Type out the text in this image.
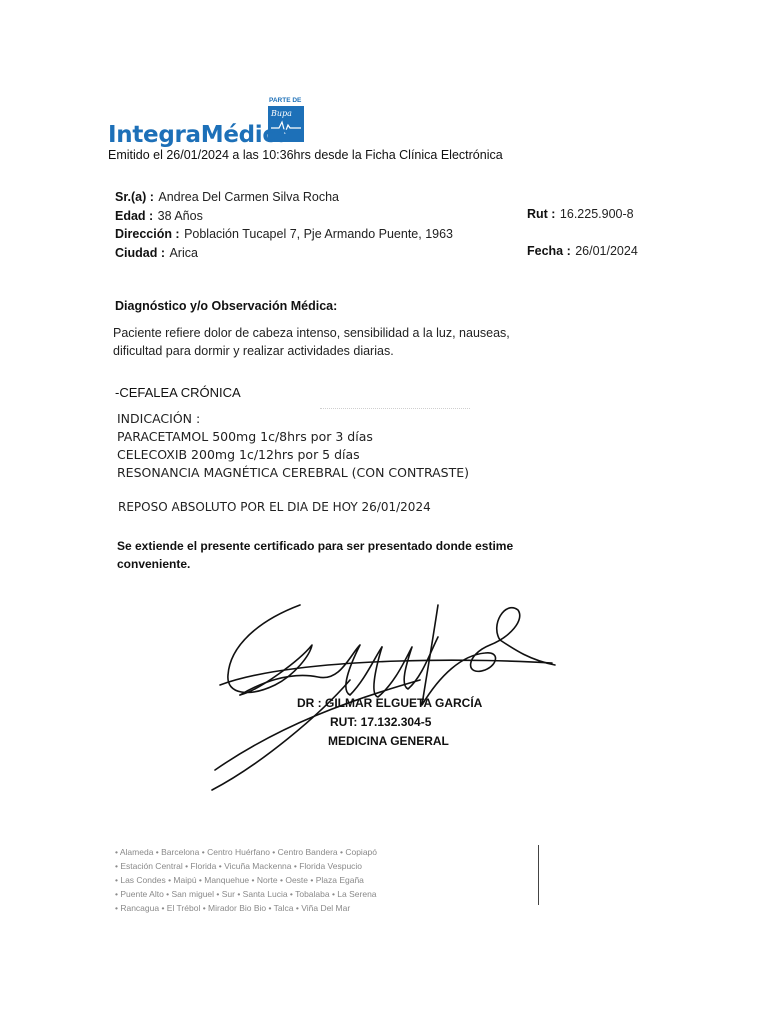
PARTE DE
Bupa
IntegraMédica
Emitido el 26/01/2024 a las 10:36hrs desde la Ficha Clínica Electrónica
Sr.(a) : Andrea Del Carmen Silva Rocha
Edad : 38 Años
Dirección : Población Tucapel 7, Pje Armando Puente, 1963
Ciudad : Arica
Rut : 16.225.900-8
Fecha : 26/01/2024
Diagnóstico y/o Observación Médica:
Paciente refiere dolor de cabeza intenso, sensibilidad a la luz, nauseas, dificultad para dormir y realizar actividades diarias.
-CEFALEA CRÓNICA
INDICACIÓN :
PARACETAMOL 500mg 1c/8hrs por 3 días
CELECOXIB 200mg 1c/12hrs por 5 días
RESONANCIA MAGNÉTICA CEREBRAL (CON CONTRASTE)
REPOSO ABSOLUTO POR EL DIA DE HOY 26/01/2024
Se extiende el presente certificado para ser presentado donde estime conveniente.
DR : GILMAR ELGUETA GARCÍA
RUT: 17.132.304-5
MEDICINA GENERAL
• Alameda • Barcelona • Centro Huérfano • Centro Bandera • Copiapó
• Estación Central • Florida • Vicuña Mackenna • Florida Vespucio
• Las Condes • Maipú • Manquehue • Norte • Oeste • Plaza Egaña
• Puente Alto • San miguel • Sur • Santa Lucia • Tobalaba • La Serena
• Rancagua • El Trébol • Mirador Bio Bio • Talca • Viña Del Mar
